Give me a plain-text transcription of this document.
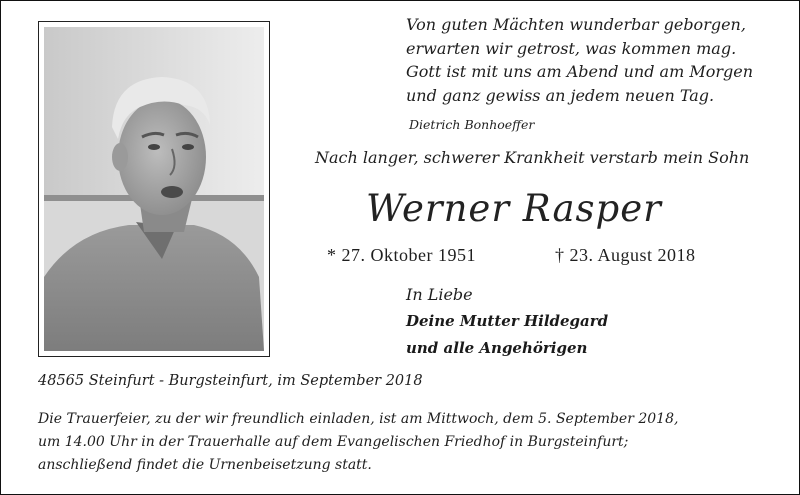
Von guten Mächten wunderbar geborgen,
erwarten wir getrost, was kommen mag.
Gott ist mit uns am Abend und am Morgen
und ganz gewiss an jedem neuen Tag.
Dietrich Bonhoeffer
Nach langer, schwerer Krankheit verstarb mein Sohn
Werner Rasper
* 27. Oktober 1951	† 23. August 2018
In Liebe
Deine Mutter Hildegard
und alle Angehörigen
48565 Steinfurt - Burgsteinfurt, im September 2018
Die Trauerfeier, zu der wir freundlich einladen, ist am Mittwoch, dem 5. September 2018,
um 14.00 Uhr in der Trauerhalle auf dem Evangelischen Friedhof in Burgsteinfurt;
anschließend findet die Urnenbeisetzung statt.
